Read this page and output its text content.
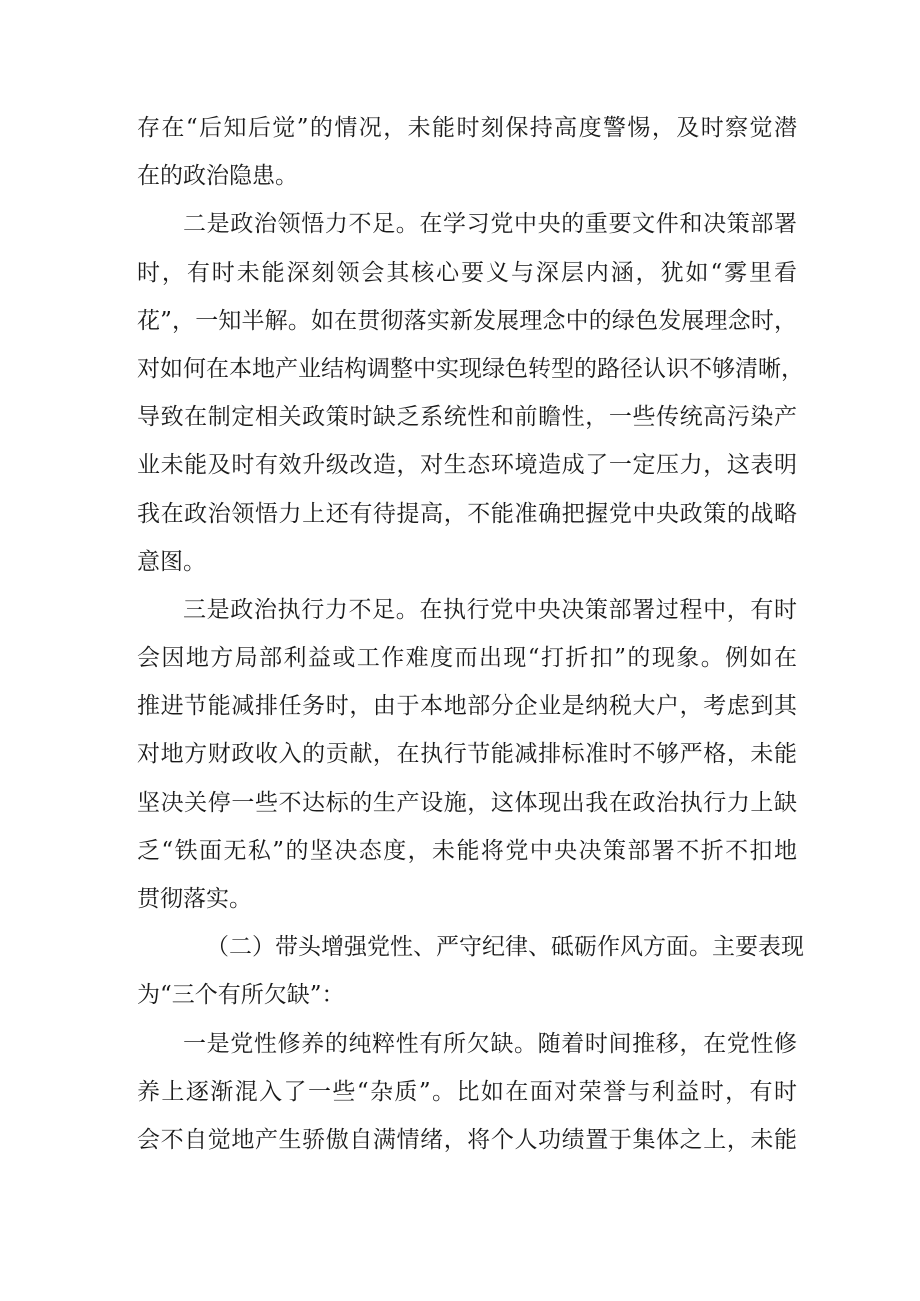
存在“后知后觉”的情况，未能时刻保持高度警惕，及时察觉潜
在的政治隐患。
二是政治领悟力不足。在学习党中央的重要文件和决策部署
时，有时未能深刻领会其核心要义与深层内涵，犹如“雾里看
花”，一知半解。如在贯彻落实新发展理念中的绿色发展理念时，
对如何在本地产业结构调整中实现绿色转型的路径认识不够清晰，
导致在制定相关政策时缺乏系统性和前瞻性，一些传统高污染产
业未能及时有效升级改造，对生态环境造成了一定压力，这表明
我在政治领悟力上还有待提高，不能准确把握党中央政策的战略
意图。
三是政治执行力不足。在执行党中央决策部署过程中，有时
会因地方局部利益或工作难度而出现“打折扣”的现象。例如在
推进节能减排任务时，由于本地部分企业是纳税大户，考虑到其
对地方财政收入的贡献，在执行节能减排标准时不够严格，未能
坚决关停一些不达标的生产设施，这体现出我在政治执行力上缺
乏“铁面无私”的坚决态度，未能将党中央决策部署不折不扣地
贯彻落实。
（二）带头增强党性、严守纪律、砥砺作风方面。主要表现
为“三个有所欠缺”：
一是党性修养的纯粹性有所欠缺。随着时间推移，在党性修
养上逐渐混入了一些“杂质”。比如在面对荣誉与利益时，有时
会不自觉地产生骄傲自满情绪，将个人功绩置于集体之上，未能
